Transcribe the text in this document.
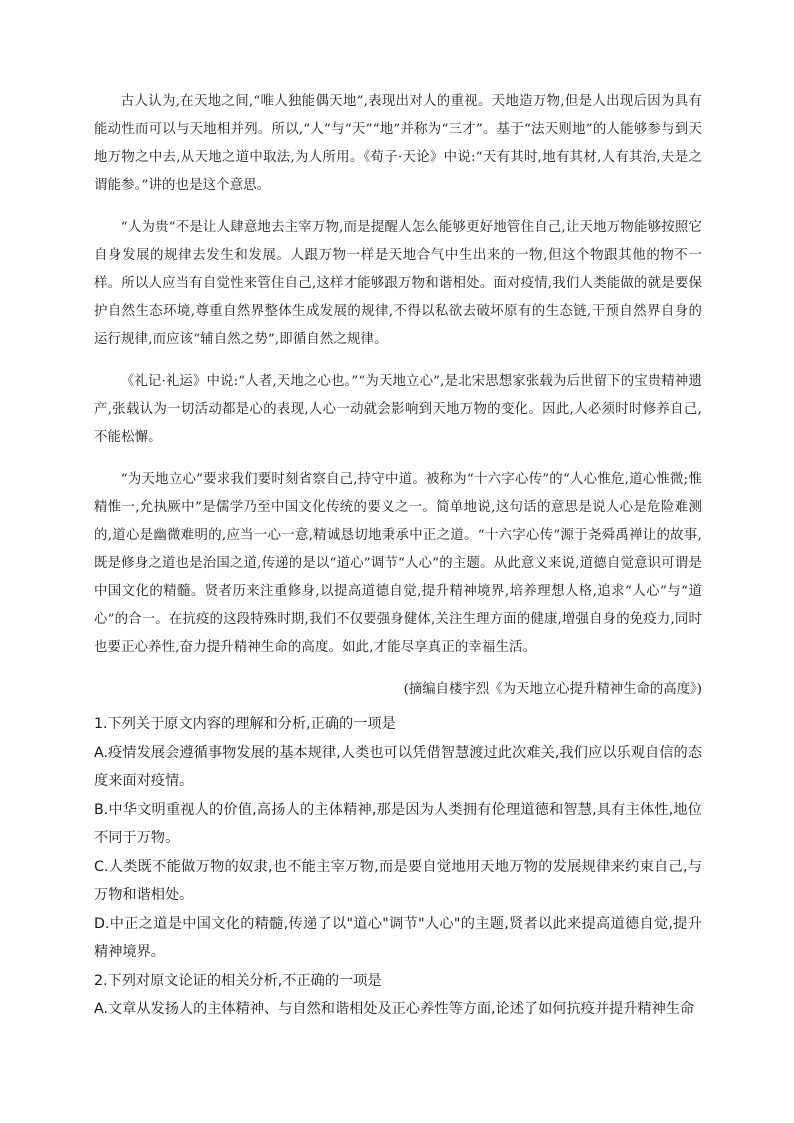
古人认为,在天地之间,“唯人独能偶天地”,表现出对人的重视。天地造万物,但是人出现后因为具有能动性而可以与天地相并列。所以,“人”与“天”“地”并称为“三才”。基于“法天则地”的人能够参与到天地万物之中去,从天地之道中取法,为人所用。《荀子·天论》中说:“天有其时,地有其材,人有其治,夫是之谓能参。”讲的也是这个意思。

“人为贵”不是让人肆意地去主宰万物,而是提醒人怎么能够更好地管住自己,让天地万物能够按照它自身发展的规律去发生和发展。人跟万物一样是天地合气中生出来的一物,但这个物跟其他的物不一样。所以人应当有自觉性来管住自己,这样才能够跟万物和谐相处。面对疫情,我们人类能做的就是要保护自然生态环境,尊重自然界整体生成发展的规律,不得以私欲去破坏原有的生态链,干预自然界自身的运行规律,而应该“辅自然之势”,即循自然之规律。

《礼记·礼运》中说:“人者,天地之心也。”“为天地立心”,是北宋思想家张载为后世留下的宝贵精神遗产,张载认为一切活动都是心的表现,人心一动就会影响到天地万物的变化。因此,人必须时时修养自己,不能松懈。

“为天地立心”要求我们要时刻省察自己,持守中道。被称为“十六字心传”的“人心惟危,道心惟微;惟精惟一,允执厥中”是儒学乃至中国文化传统的要义之一。简单地说,这句话的意思是说人心是危险难测的,道心是幽微难明的,应当一心一意,精诚恳切地秉承中正之道。“十六字心传”源于尧舜禹禅让的故事,既是修身之道也是治国之道,传递的是以“道心”调节“人心”的主题。从此意义来说,道德自觉意识可谓是中国文化的精髓。贤者历来注重修身,以提高道德自觉,提升精神境界,培养理想人格,追求“人心”与“道心”的合一。在抗疫的这段特殊时期,我们不仅要强身健体,关注生理方面的健康,增强自身的免疫力,同时也要正心养性,奋力提升精神生命的高度。如此,才能尽享真正的幸福生活。

(摘编自楼宇烈《为天地立心提升精神生命的高度》)

1.下列关于原文内容的理解和分析,正确的一项是

A.疫情发展会遵循事物发展的基本规律,人类也可以凭借智慧渡过此次难关,我们应以乐观自信的态度来面对疫情。

B.中华文明重视人的价值,高扬人的主体精神,那是因为人类拥有伦理道德和智慧,具有主体性,地位不同于万物。

C.人类既不能做万物的奴隶,也不能主宰万物,而是要自觉地用天地万物的发展规律来约束自己,与万物和谐相处。

D.中正之道是中国文化的精髓,传递了以"道心"调节"人心"的主题,贤者以此来提高道德自觉,提升精神境界。

2.下列对原文论证的相关分析,不正确的一项是

A.文章从发扬人的主体精神、与自然和谐相处及正心养性等方面,论述了如何抗疫并提升精神生命
